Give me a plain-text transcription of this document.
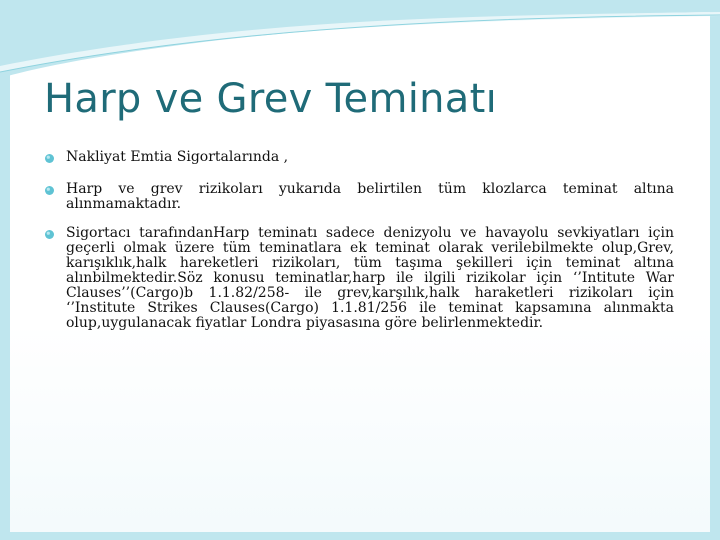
Harp ve Grev Teminatı
Nakliyat Emtia Sigortalarında ,
Harp ve grev rizikoları yukarıda belirtilen tüm klozlarca teminat altına alınmamaktadır.
Sigortacı tarafındanHarp teminatı sadece denizyolu ve havayolu sevkiyatları için geçerli olmak üzere tüm teminatlara ek teminat olarak verilebilmekte olup,Grev, karışıklık,halk hareketleri rizikoları, tüm taşıma şekilleri için teminat altına alınbilmektedir.Söz konusu teminatlar,harp ile ilgili rizikolar için ‘’Intitute War Clauses’’(Cargo)b 1.1.82/258- ile grev,karşılık,halk haraketleri rizikoları için ‘’Institute Strikes Clauses(Cargo) 1.1.81/256 ile teminat kapsamına alınmakta olup,uygulanacak fiyatlar Londra piyasasına göre belirlenmektedir.
